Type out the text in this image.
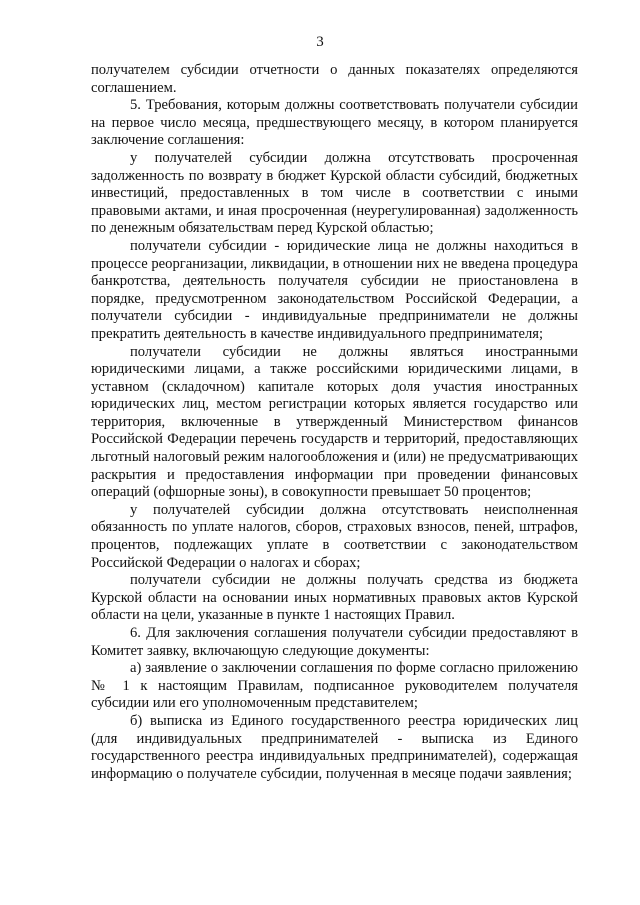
3

получателем субсидии отчетности о данных показателях определяются соглашением.

5. Требования, которым должны соответствовать получатели субсидии на первое число месяца, предшествующего месяцу, в котором планируется заключение соглашения:

у получателей субсидии должна отсутствовать просроченная задолженность по возврату в бюджет Курской области субсидий, бюджетных инвестиций, предоставленных в том числе в соответствии с иными правовыми актами, и иная просроченная (неурегулированная) задолженность по денежным обязательствам перед Курской областью;

получатели субсидии - юридические лица не должны находиться в процессе реорганизации, ликвидации, в отношении них не введена процедура банкротства, деятельность получателя субсидии не приостановлена в порядке, предусмотренном законодательством Российской Федерации, а получатели субсидии - индивидуальные предприниматели не должны прекратить деятельность в качестве индивидуального предпринимателя;

получатели субсидии не должны являться иностранными юридическими лицами, а также российскими юридическими лицами, в уставном (складочном) капитале которых доля участия иностранных юридических лиц, местом регистрации которых является государство или территория, включенные в утвержденный Министерством финансов Российской Федерации перечень государств и территорий, предоставляющих льготный налоговый режим налогообложения и (или) не предусматривающих раскрытия и предоставления информации при проведении финансовых операций (офшорные зоны), в совокупности превышает 50 процентов;

у получателей субсидии должна отсутствовать неисполненная обязанность по уплате налогов, сборов, страховых взносов, пеней, штрафов, процентов, подлежащих уплате в соответствии с законодательством Российской Федерации о налогах и сборах;

получатели субсидии не должны получать средства из бюджета Курской области на основании иных нормативных правовых актов Курской области на цели, указанные в пункте 1 настоящих Правил.

6. Для заключения соглашения получатели субсидии предоставляют в Комитет заявку, включающую следующие документы:

а) заявление о заключении соглашения по форме согласно приложению № 1 к настоящим Правилам, подписанное руководителем получателя субсидии или его уполномоченным представителем;

б) выписка из Единого государственного реестра юридических лиц (для индивидуальных предпринимателей - выписка из Единого государственного реестра индивидуальных предпринимателей), содержащая информацию о получателе субсидии, полученная в месяце подачи заявления;
